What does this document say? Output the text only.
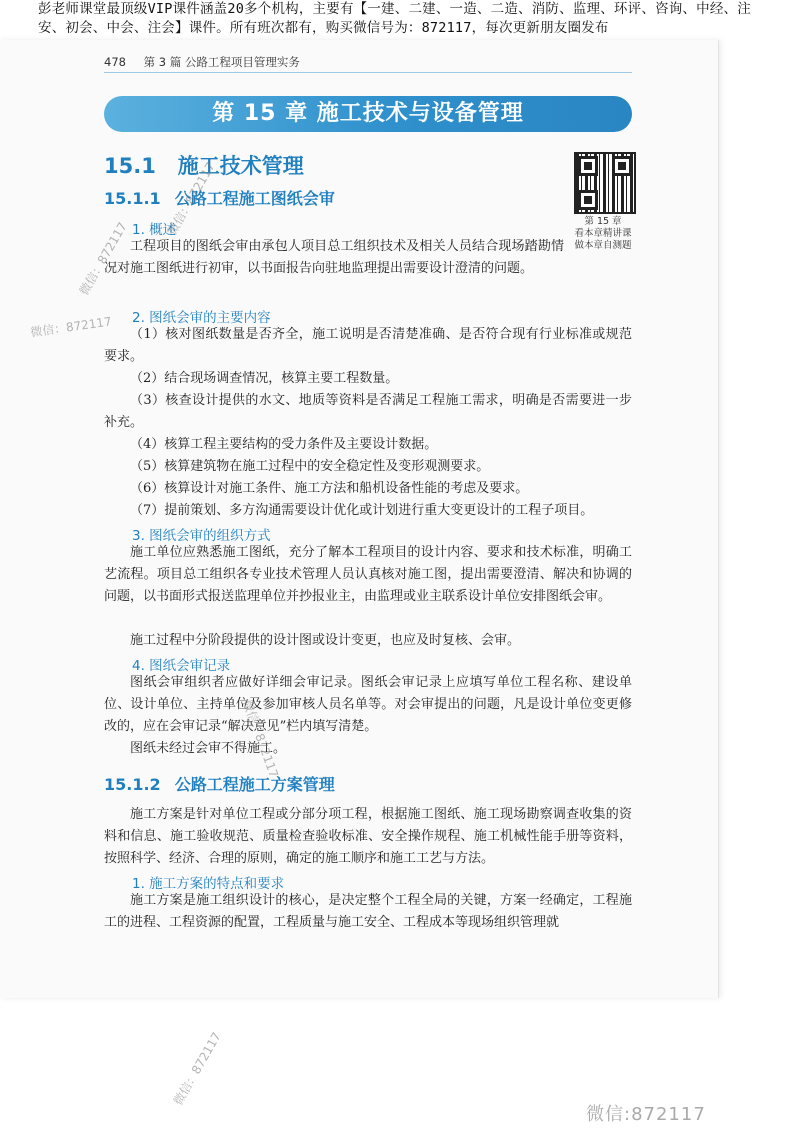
彭老师课堂最顶级VIP课件涵盖20多个机构，主要有【一建、二建、一造、二造、消防、监理、环评、咨询、中经、注安、初会、中会、注会】课件。所有班次都有，购买微信号为：872117，每次更新朋友圈发布
478 第 3 篇 公路工程项目管理实务
第 15 章 施工技术与设备管理
15.1 施工技术管理
第 15 章
看本章精讲课
做本章自测题
15.1.1 公路工程施工图纸会审
1. 概述

工程项目的图纸会审由承包人项目总工组织技术及相关人员结合现场踏勘情况对施工图纸进行初审，以书面报告向驻地监理提出需要设计澄清的问题。

2. 图纸会审的主要内容

（1）核对图纸数量是否齐全，施工说明是否清楚准确、是否符合现有行业标准或规范要求。

（2）结合现场调查情况，核算主要工程数量。

（3）核查设计提供的水文、地质等资料是否满足工程施工需求，明确是否需要进一步补充。

（4）核算工程主要结构的受力条件及主要设计数据。

（5）核算建筑物在施工过程中的安全稳定性及变形观测要求。

（6）核算设计对施工条件、施工方法和船机设备性能的考虑及要求。

（7）提前策划、多方沟通需要设计优化或计划进行重大变更设计的工程子项目。

3. 图纸会审的组织方式

施工单位应熟悉施工图纸，充分了解本工程项目的设计内容、要求和技术标准，明确工艺流程。项目总工组织各专业技术管理人员认真核对施工图，提出需要澄清、解决和协调的问题，以书面形式报送监理单位并抄报业主，由监理或业主联系设计单位安排图纸会审。

施工过程中分阶段提供的设计图或设计变更，也应及时复核、会审。

4. 图纸会审记录

图纸会审组织者应做好详细会审记录。图纸会审记录上应填写单位工程名称、建设单位、设计单位、主持单位及参加审核人员名单等。对会审提出的问题，凡是设计单位变更修改的，应在会审记录“解决意见”栏内填写清楚。

图纸未经过会审不得施工。

15.1.2 公路工程施工方案管理

施工方案是针对单位工程或分部分项工程，根据施工图纸、施工现场勘察调查收集的资料和信息、施工验收规范、质量检查验收标准、安全操作规程、施工机械性能手册等资料，按照科学、经济、合理的原则，确定的施工顺序和施工工艺与方法。

1. 施工方案的特点和要求

施工方案是施工组织设计的核心，是决定整个工程全局的关键，方案一经确定，工程施工的进程、工程资源的配置，工程质量与施工安全、工程成本等现场组织管理就

微信：872117
微信：872117
微信：872117
微信：872117
微信：872117
微信:872117
